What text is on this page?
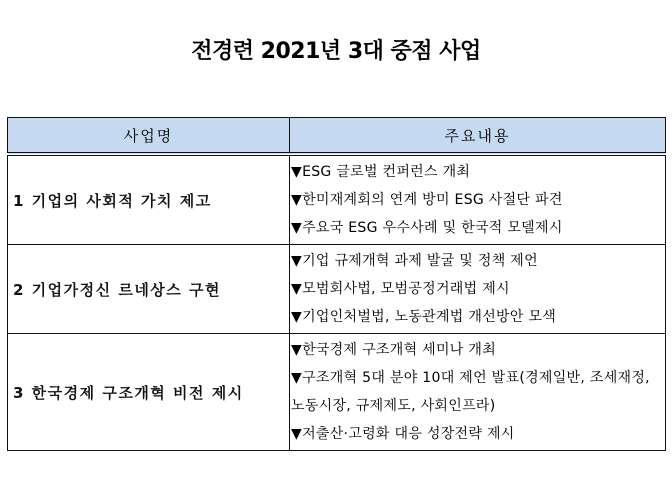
전경련 2021년 3대 중점 사업
사업명	주요내용
1 기업의 사회적 가치 제고	▼ESG 글로벌 컨퍼런스 개최
▼한미재계회의 연계 방미 ESG 사절단 파견
▼주요국 ESG 우수사례 및 한국적 모델제시

2 기업가정신 르네상스 구현	▼기업 규제개혁 과제 발굴 및 정책 제언
▼모범회사법, 모범공정거래법 제시
▼기업인처벌법, 노동관계법 개선방안 모색

3 한국경제 구조개혁 비전 제시	▼한국경제 구조개혁 세미나 개최
▼구조개혁 5대 분야 10대 제언 발표(경제일반, 조세재정, 노동시장, 규제제도, 사회인프라)
▼저출산·고령화 대응 성장전략 제시
